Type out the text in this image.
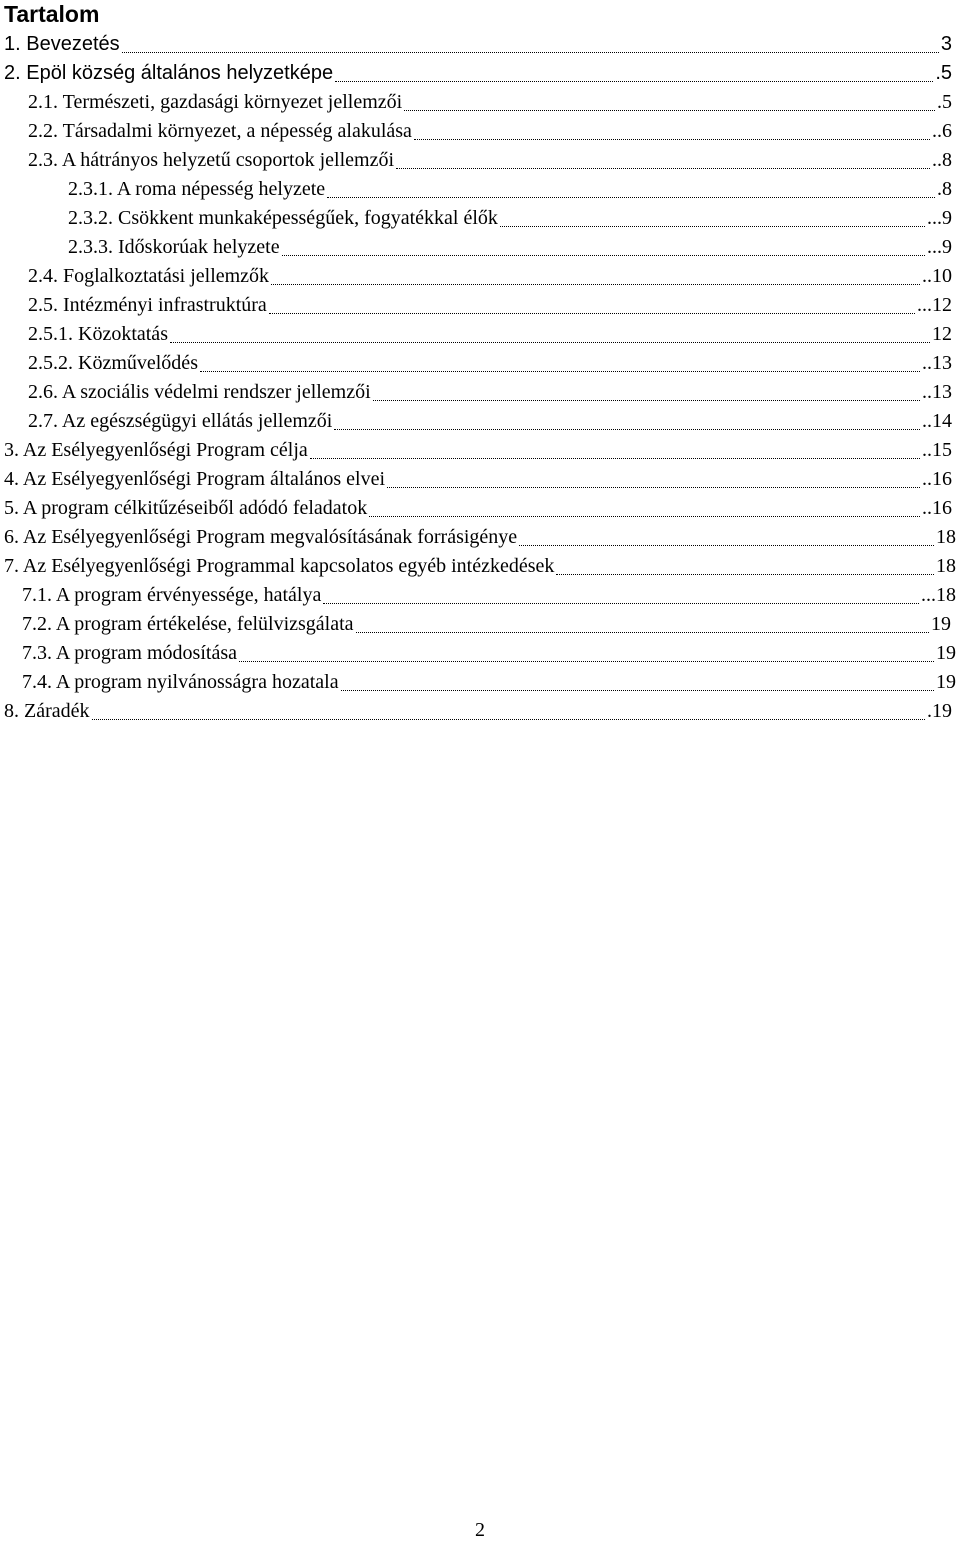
Tartalom
1. Bevezetés	3
2. Epöl község általános helyzetképe	.5
2.1. Természeti, gazdasági környezet jellemzői	.5
2.2. Társadalmi környezet, a népesség alakulása	..6
2.3. A hátrányos helyzetű csoportok jellemzői	..8
2.3.1. A roma népesség helyzete	.8
2.3.2. Csökkent munkaképességűek, fogyatékkal élők	...9
2.3.3. Időskorúak helyzete	...9
2.4. Foglalkoztatási jellemzők	..10
2.5. Intézményi infrastruktúra	...12
2.5.1. Közoktatás	12
2.5.2. Közművelődés	..13
2.6. A szociális védelmi rendszer jellemzői	..13
2.7. Az egészségügyi ellátás jellemzői	..14
3. Az Esélyegyenlőségi Program célja	..15
4. Az Esélyegyenlőségi Program általános elvei	..16
5. A program célkitűzéseiből adódó feladatok	..16
6. Az Esélyegyenlőségi Program megvalósításának forrásigénye	18
7. Az Esélyegyenlőségi Programmal kapcsolatos egyéb intézkedések	18
7.1. A program érvényessége, hatálya	...18
7.2. A program értékelése, felülvizsgálata	19
7.3. A program módosítása	19
7.4. A program nyilvánosságra hozatala	19
8. Záradék	.19
2
